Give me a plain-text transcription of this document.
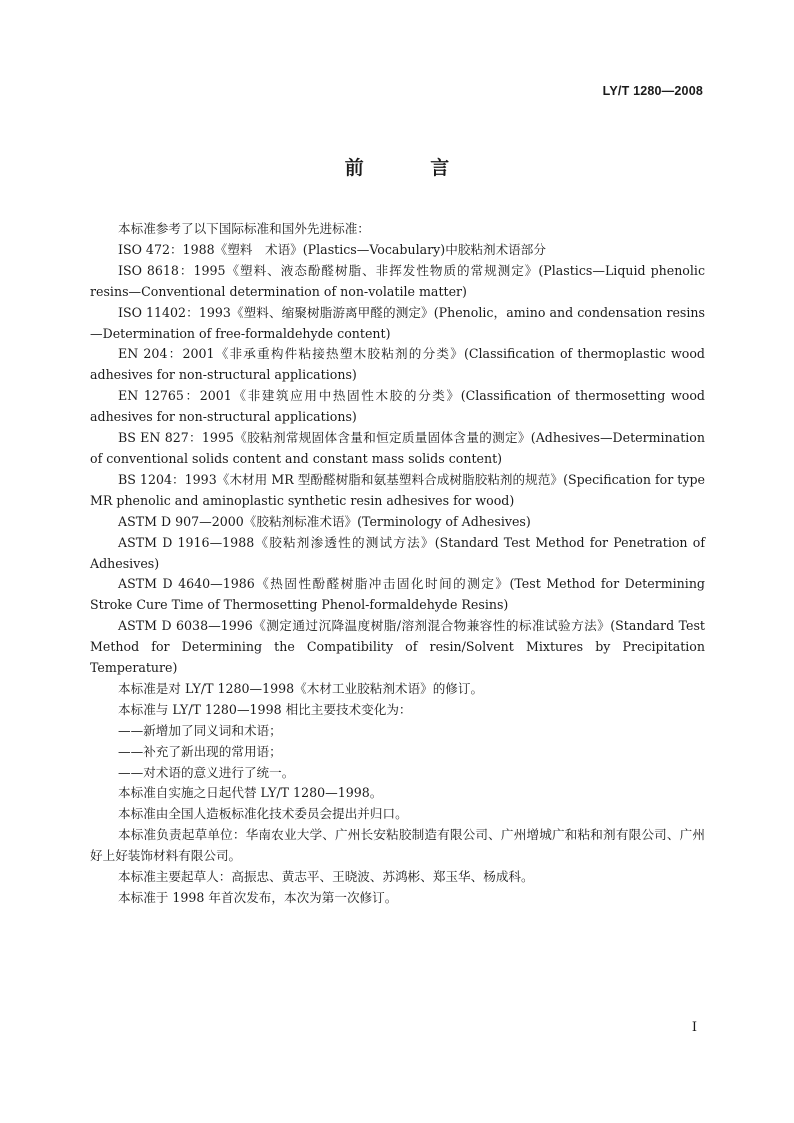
LY/T 1280—2008
前 言

本标准参考了以下国际标准和国外先进标准：

ISO 472：1988《塑料　术语》(Plastics—Vocabulary)中胶粘剂术语部分

ISO 8618：1995《塑料、液态酚醛树脂、非挥发性物质的常规测定》(Plastics—Liquid phenolic resins—Conventional determination of non-volatile matter)

ISO 11402：1993《塑料、缩聚树脂游离甲醛的测定》(Phenolic，amino and condensation resins—Determination of free-formaldehyde content)

EN 204：2001《非承重构件粘接热塑木胶粘剂的分类》(Classification of thermoplastic wood adhesives for non-structural applications)

EN 12765：2001《非建筑应用中热固性木胶的分类》(Classification of thermosetting wood adhesives for non-structural applications)

BS EN 827：1995《胶粘剂常规固体含量和恒定质量固体含量的测定》(Adhesives—Determination of conventional solids content and constant mass solids content)

BS 1204：1993《木材用 MR 型酚醛树脂和氨基塑料合成树脂胶粘剂的规范》(Specification for type MR phenolic and aminoplastic synthetic resin adhesives for wood)

ASTM D 907—2000《胶粘剂标准术语》(Terminology of Adhesives)

ASTM D 1916—1988《胶粘剂渗透性的测试方法》(Standard Test Method for Penetration of Adhesives)

ASTM D 4640—1986《热固性酚醛树脂冲击固化时间的测定》(Test Method for Determining Stroke Cure Time of Thermosetting Phenol-formaldehyde Resins)

ASTM D 6038—1996《测定通过沉降温度树脂/溶剂混合物兼容性的标准试验方法》(Standard Test Method for Determining the Compatibility of resin/Solvent Mixtures by Precipitation Temperature)

本标准是对 LY/T 1280—1998《木材工业胶粘剂术语》的修订。

本标准与 LY/T 1280—1998 相比主要技术变化为：

——新增加了同义词和术语；

——补充了新出现的常用语；

——对术语的意义进行了统一。

本标准自实施之日起代替 LY/T 1280—1998。

本标准由全国人造板标准化技术委员会提出并归口。

本标准负责起草单位：华南农业大学、广州长安粘胶制造有限公司、广州增城广和粘和剂有限公司、广州好上好装饰材料有限公司。

本标准主要起草人：高振忠、黄志平、王晓波、苏鸿彬、郑玉华、杨成科。

本标准于 1998 年首次发布，本次为第一次修订。

I
